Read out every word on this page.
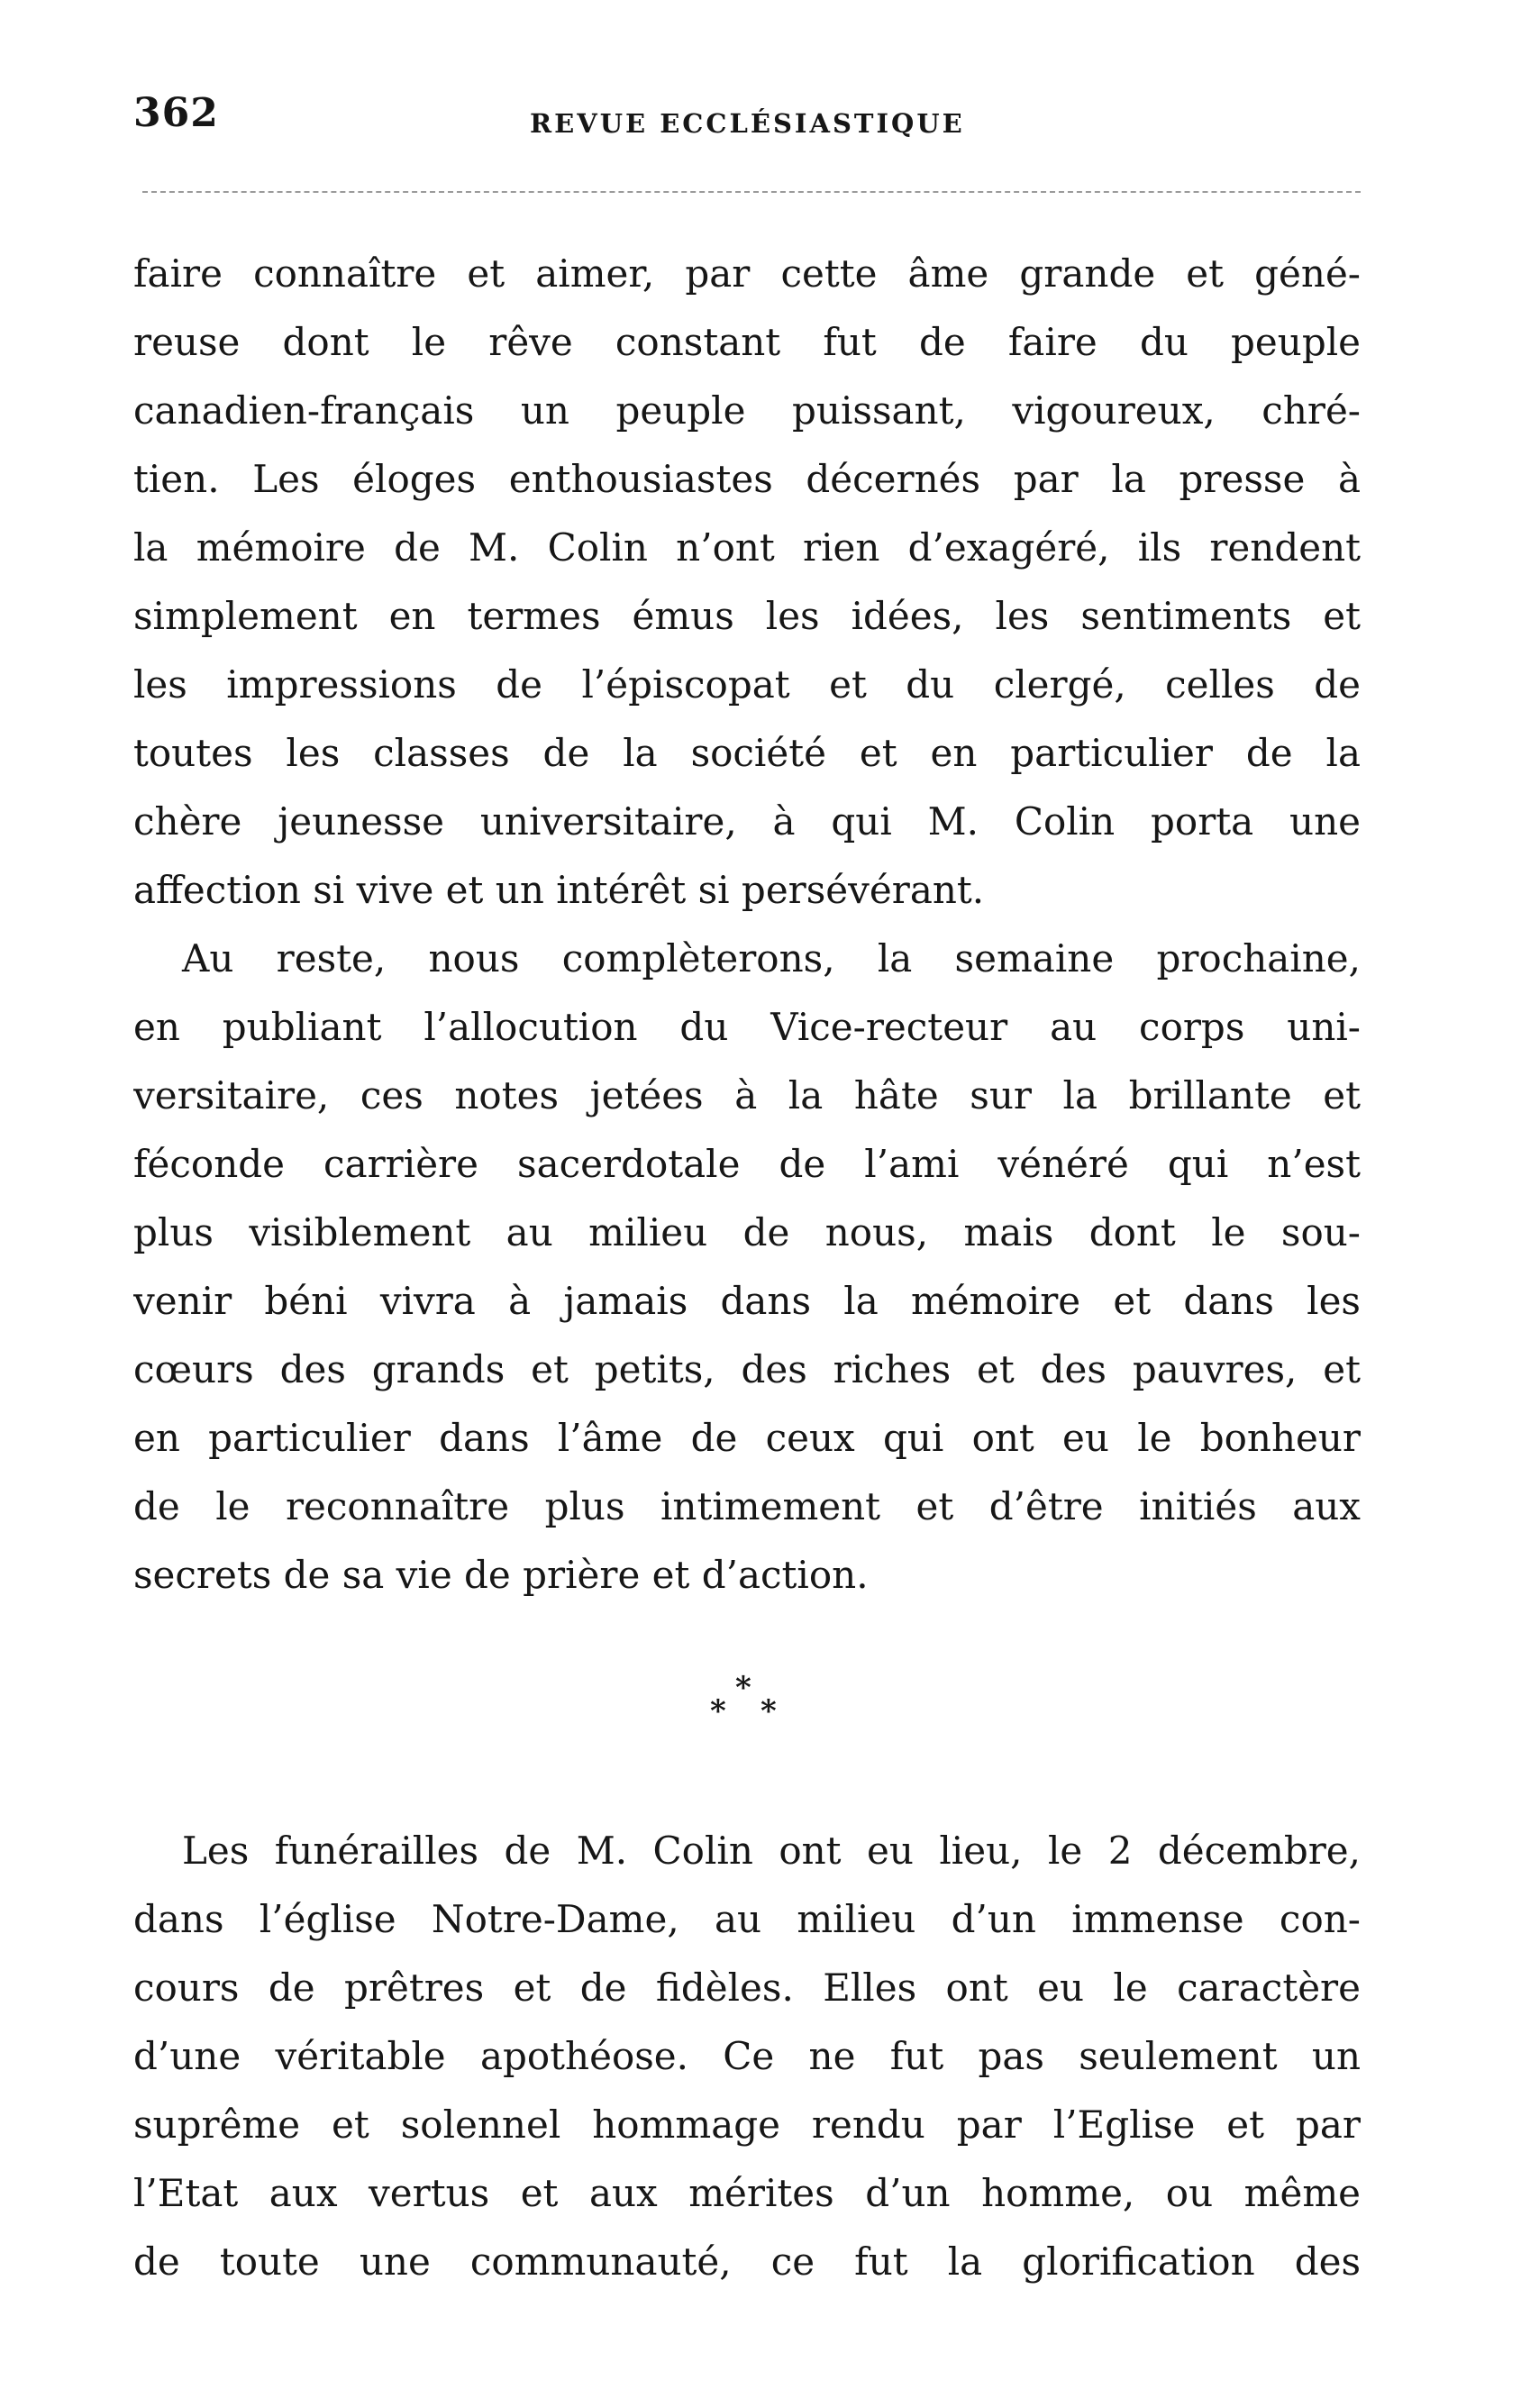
362	REVUE ECCLÉSIASTIQUE
faire connaître et aimer, par cette âme grande et géné-
reuse dont le rêve constant fut de faire du peuple
canadien-français un peuple puissant, vigoureux, chré-
tien. Les éloges enthousiastes décernés par la presse à
la mémoire de M. Colin n’ont rien d’exagéré, ils rendent
simplement en termes émus les idées, les sentiments et
les impressions de l’épiscopat et du clergé, celles de
toutes les classes de la société et en particulier de la
chère jeunesse universitaire, à qui M. Colin porta une
affection si vive et un intérêt si persévérant.
Au reste, nous complèterons, la semaine prochaine,
en publiant l’allocution du Vice-recteur au corps uni-
versitaire, ces notes jetées à la hâte sur la brillante et
féconde carrière sacerdotale de l’ami vénéré qui n’est
plus visiblement au milieu de nous, mais dont le sou-
venir béni vivra à jamais dans la mémoire et dans les
cœurs des grands et petits, des riches et des pauvres, et
en particulier dans l’âme de ceux qui ont eu le bonheur
de le reconnaître plus intimement et d’être initiés aux
secrets de sa vie de prière et d’action.
*
* *
Les funérailles de M. Colin ont eu lieu, le 2 décembre,
dans l’église Notre-Dame, au milieu d’un immense con-
cours de prêtres et de fidèles. Elles ont eu le caractère
d’une véritable apothéose. Ce ne fut pas seulement un
suprême et solennel hommage rendu par l’Eglise et par
l’Etat aux vertus et aux mérites d’un homme, ou même
de toute une communauté, ce fut la glorification des
